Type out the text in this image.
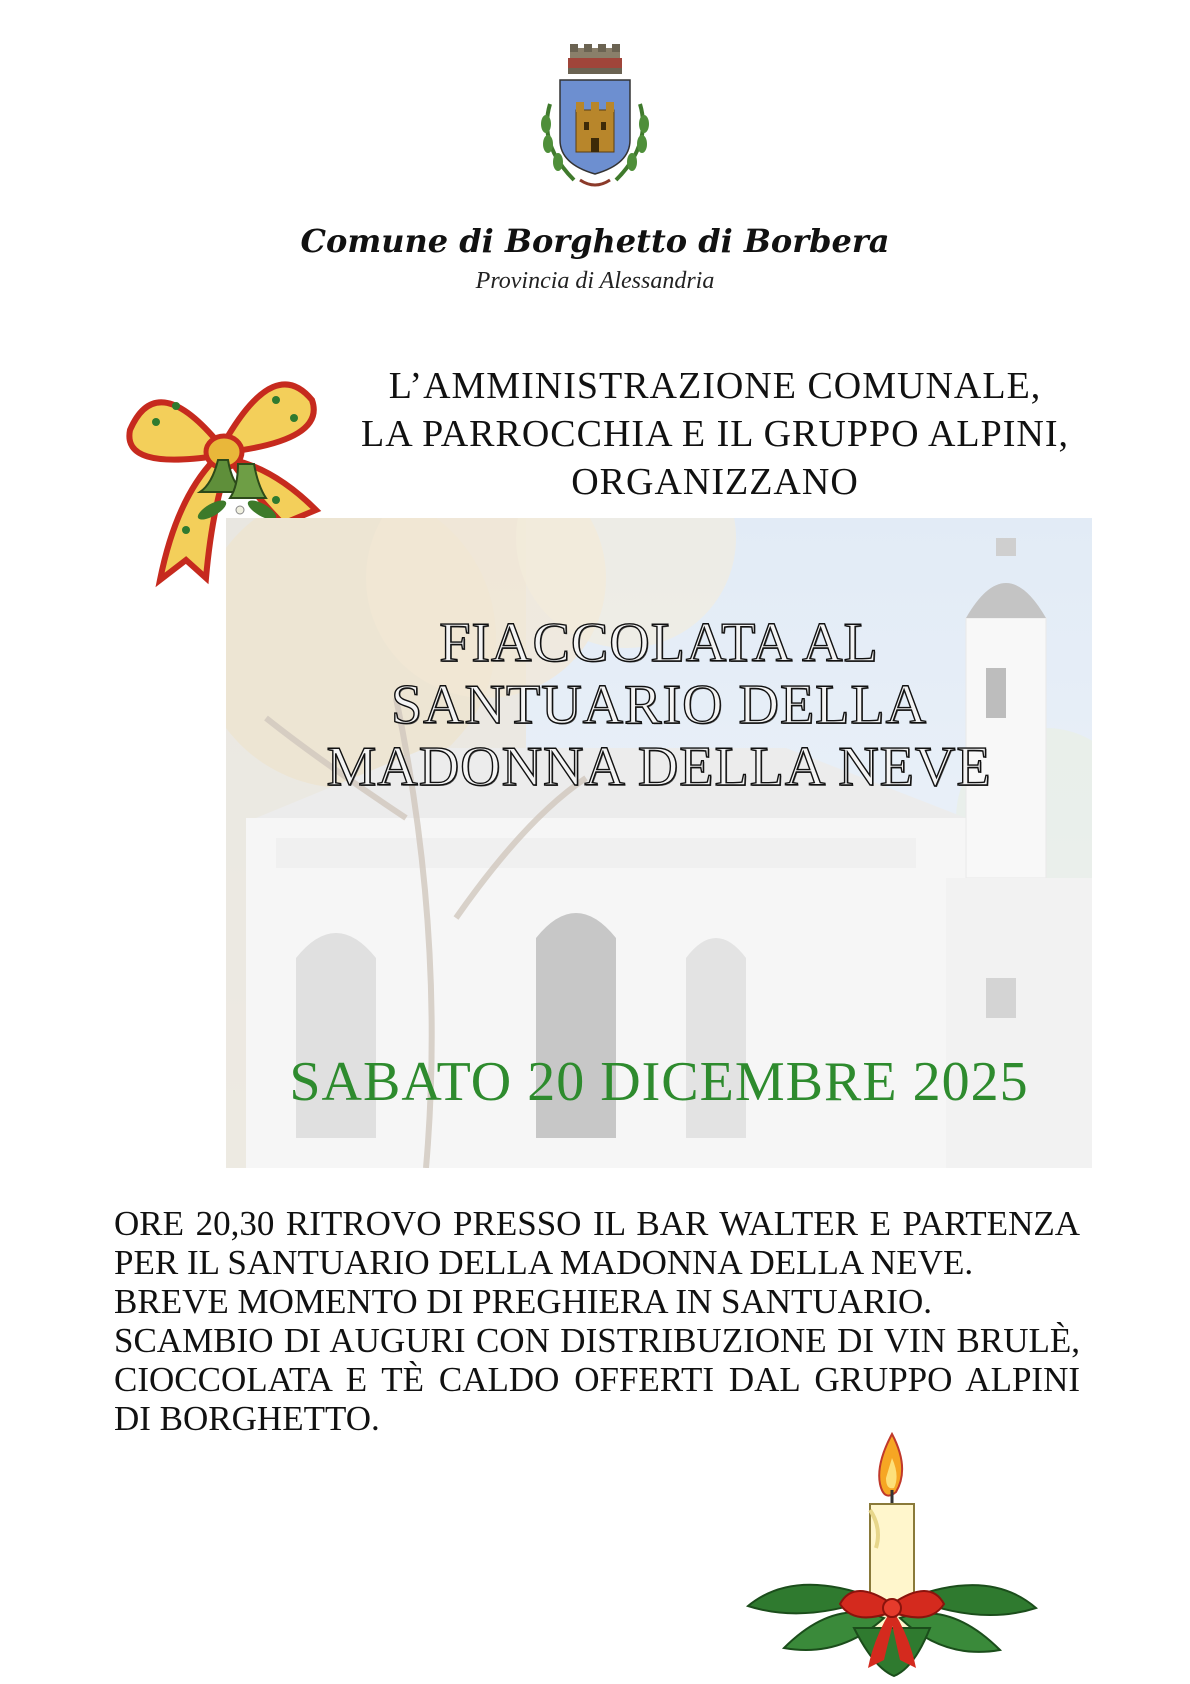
Comune di Borghetto di Borbera
Provincia di Alessandria
L’AMMINISTRAZIONE COMUNALE,
LA PARROCCHIA E IL GRUPPO ALPINI,
ORGANIZZANO
FIACCOLATA AL
SANTUARIO DELLA
MADONNA DELLA NEVE
SABATO 20 DICEMBRE 2025

ORE 20,30 RITROVO PRESSO IL BAR WALTER E PARTENZA PER IL SANTUARIO DELLA MADONNA DELLA NEVE.

BREVE MOMENTO DI PREGHIERA IN SANTUARIO.

SCAMBIO DI AUGURI CON DISTRIBUZIONE DI VIN BRULÈ, CIOCCOLATA E TÈ CALDO OFFERTI DAL GRUPPO ALPINI DI BORGHETTO.
